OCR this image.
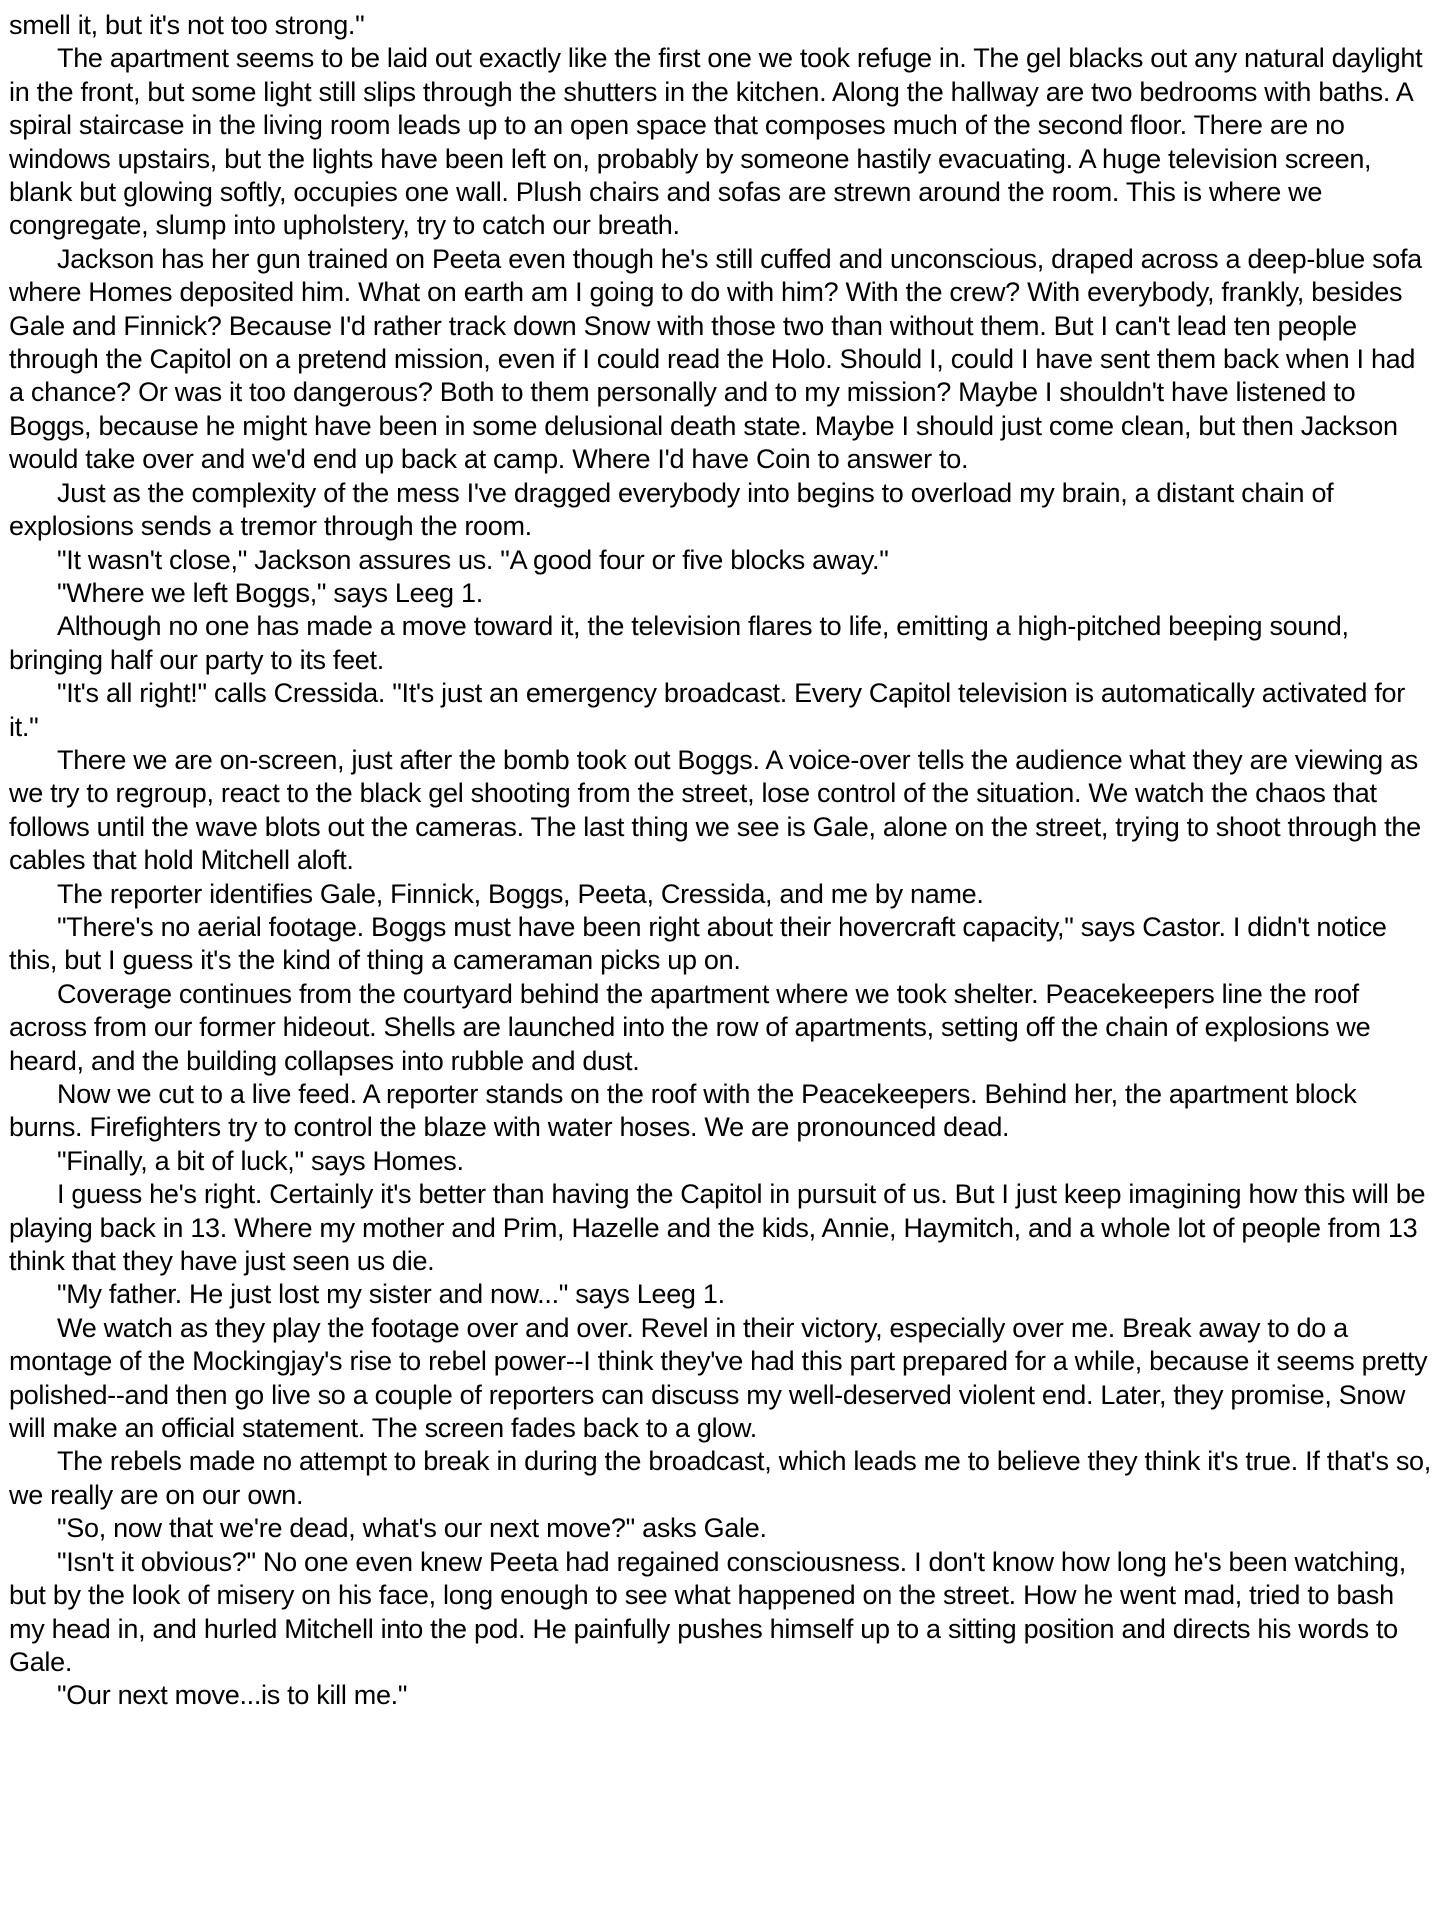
smell it, but it's not too strong."

The apartment seems to be laid out exactly like the first one we took refuge in. The gel blacks out any natural daylight in the front, but some light still slips through the shutters in the kitchen. Along the hallway are two bedrooms with baths. A spiral staircase in the living room leads up to an open space that composes much of the second floor. There are no windows upstairs, but the lights have been left on, probably by someone hastily evacuating. A huge television screen, blank but glowing softly, occupies one wall. Plush chairs and sofas are strewn around the room. This is where we congregate, slump into upholstery, try to catch our breath.

Jackson has her gun trained on Peeta even though he's still cuffed and unconscious, draped across a deep-blue sofa where Homes deposited him. What on earth am I going to do with him? With the crew? With everybody, frankly, besides Gale and Finnick? Because I'd rather track down Snow with those two than without them. But I can't lead ten people through the Capitol on a pretend mission, even if I could read the Holo. Should I, could I have sent them back when I had a chance? Or was it too dangerous? Both to them personally and to my mission? Maybe I shouldn't have listened to Boggs, because he might have been in some delusional death state. Maybe I should just come clean, but then Jackson would take over and we'd end up back at camp. Where I'd have Coin to answer to.

Just as the complexity of the mess I've dragged everybody into begins to overload my brain, a distant chain of explosions sends a tremor through the room.

"It wasn't close," Jackson assures us. "A good four or five blocks away."

"Where we left Boggs," says Leeg 1.

Although no one has made a move toward it, the television flares to life, emitting a high-pitched beeping sound, bringing half our party to its feet.

"It's all right!" calls Cressida. "It's just an emergency broadcast. Every Capitol television is automatically activated for it."

There we are on-screen, just after the bomb took out Boggs. A voice-over tells the audience what they are viewing as we try to regroup, react to the black gel shooting from the street, lose control of the situation. We watch the chaos that follows until the wave blots out the cameras. The last thing we see is Gale, alone on the street, trying to shoot through the cables that hold Mitchell aloft.

The reporter identifies Gale, Finnick, Boggs, Peeta, Cressida, and me by name.

"There's no aerial footage. Boggs must have been right about their hovercraft capacity," says Castor. I didn't notice this, but I guess it's the kind of thing a cameraman picks up on.

Coverage continues from the courtyard behind the apartment where we took shelter. Peacekeepers line the roof across from our former hideout. Shells are launched into the row of apartments, setting off the chain of explosions we heard, and the building collapses into rubble and dust.

Now we cut to a live feed. A reporter stands on the roof with the Peacekeepers. Behind her, the apartment block burns. Firefighters try to control the blaze with water hoses. We are pronounced dead.

"Finally, a bit of luck," says Homes.

I guess he's right. Certainly it's better than having the Capitol in pursuit of us. But I just keep imagining how this will be playing back in 13. Where my mother and Prim, Hazelle and the kids, Annie, Haymitch, and a whole lot of people from 13 think that they have just seen us die.

"My father. He just lost my sister and now..." says Leeg 1.

We watch as they play the footage over and over. Revel in their victory, especially over me. Break away to do a montage of the Mockingjay's rise to rebel power--I think they've had this part prepared for a while, because it seems pretty polished--and then go live so a couple of reporters can discuss my well-deserved violent end. Later, they promise, Snow will make an official statement. The screen fades back to a glow.

The rebels made no attempt to break in during the broadcast, which leads me to believe they think it's true. If that's so, we really are on our own.

"So, now that we're dead, what's our next move?" asks Gale.

"Isn't it obvious?" No one even knew Peeta had regained consciousness. I don't know how long he's been watching, but by the look of misery on his face, long enough to see what happened on the street. How he went mad, tried to bash my head in, and hurled Mitchell into the pod. He painfully pushes himself up to a sitting position and directs his words to Gale.

"Our next move...is to kill me."
